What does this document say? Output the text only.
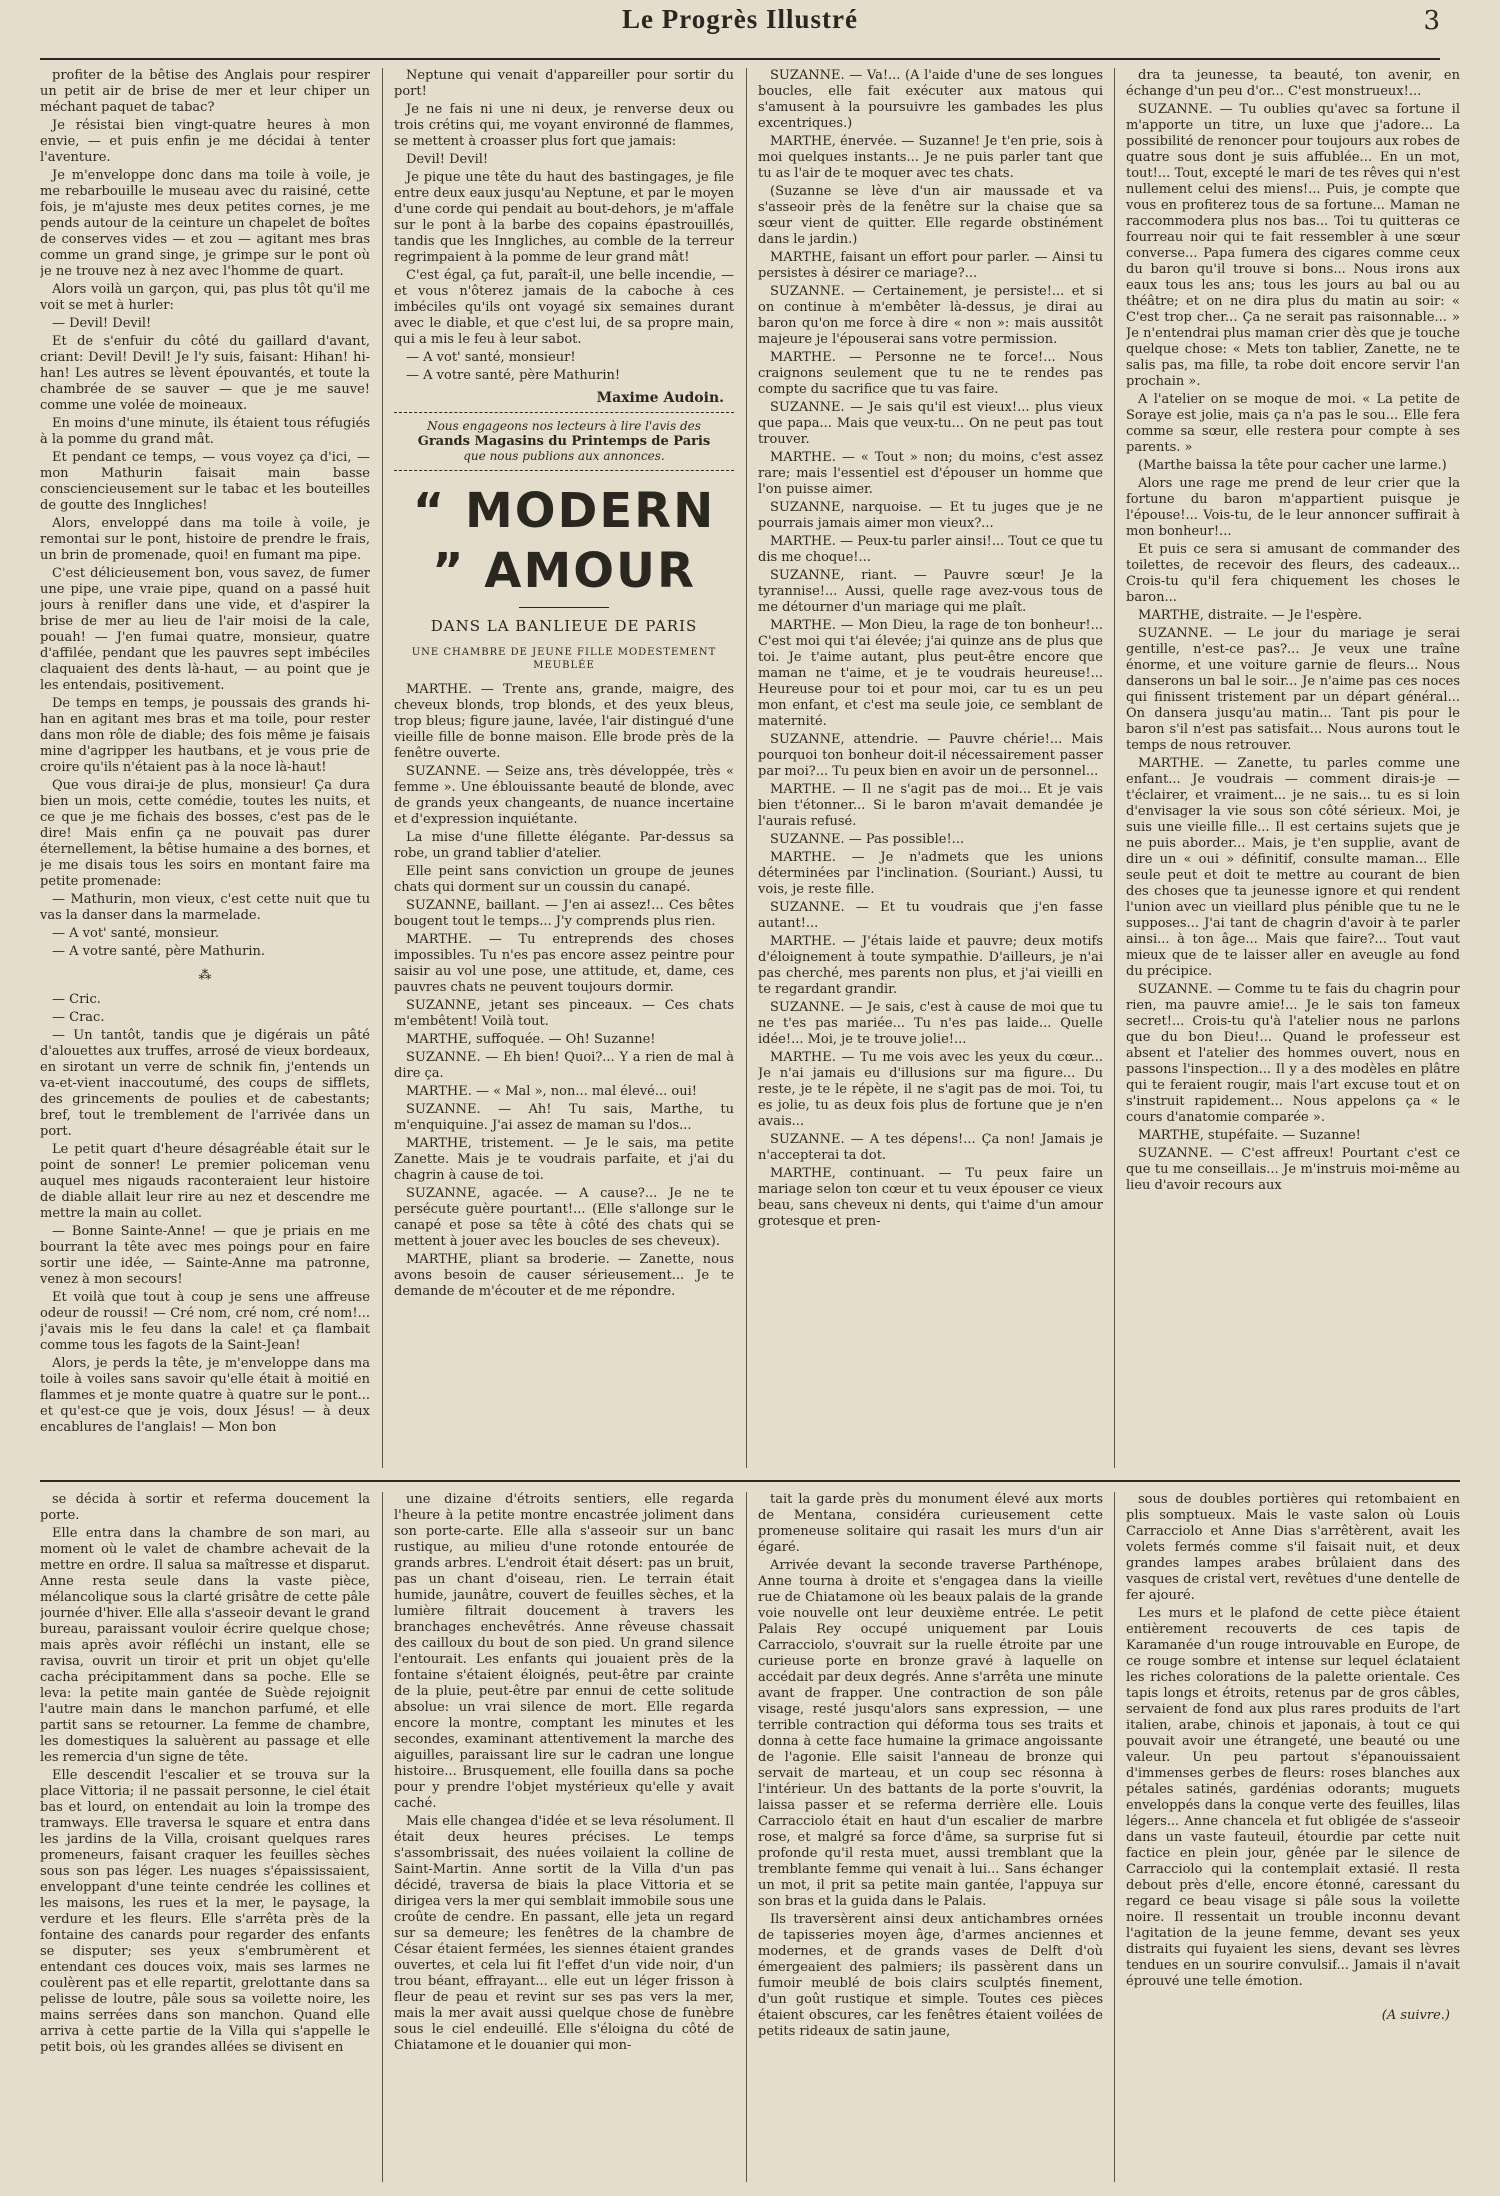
Le Progrès Illustré	3

profiter de la bêtise des Anglais pour respirer un petit air de brise de mer et leur chiper un méchant paquet de tabac?

Je résistai bien vingt-quatre heures à mon envie, — et puis enfin je me décidai à tenter l'aventure.

Je m'enveloppe donc dans ma toile à voile, je me rebarbouille le museau avec du raisiné, cette fois, je m'ajuste mes deux petites cornes, je me pends autour de la ceinture un chapelet de boîtes de conserves vides — et zou — agitant mes bras comme un grand singe, je grimpe sur le pont où je ne trouve nez à nez avec l'homme de quart.

Alors voilà un garçon, qui, pas plus tôt qu'il me voit se met à hurler:

— Devil! Devil!

Et de s'enfuir du côté du gaillard d'avant, criant: Devil! Devil! Je l'y suis, faisant: Hihan! hi-han! Les autres se lèvent épouvantés, et toute la chambrée de se sauver — que je me sauve! comme une volée de moineaux.

En moins d'une minute, ils étaient tous réfugiés à la pomme du grand mât.

Et pendant ce temps, — vous voyez ça d'ici, — mon Mathurin faisait main basse consciencieusement sur le tabac et les bouteilles de goutte des Inngliches!

Alors, enveloppé dans ma toile à voile, je remontai sur le pont, histoire de prendre le frais, un brin de promenade, quoi! en fumant ma pipe.

C'est délicieusement bon, vous savez, de fumer une pipe, une vraie pipe, quand on a passé huit jours à renifler dans une vide, et d'aspirer la brise de mer au lieu de l'air moisi de la cale, pouah! — J'en fumai quatre, monsieur, quatre d'affilée, pendant que les pauvres sept imbéciles claquaient des dents là-haut, — au point que je les entendais, positivement.

De temps en temps, je poussais des grands hi-han en agitant mes bras et ma toile, pour rester dans mon rôle de diable; des fois même je faisais mine d'agripper les hautbans, et je vous prie de croire qu'ils n'étaient pas à la noce là-haut!

Que vous dirai-je de plus, monsieur! Ça dura bien un mois, cette comédie, toutes les nuits, et ce que je me fichais des bosses, c'est pas de le dire! Mais enfin ça ne pouvait pas durer éternellement, la bêtise humaine a des bornes, et je me disais tous les soirs en montant faire ma petite promenade:

— Mathurin, mon vieux, c'est cette nuit que tu vas la danser dans la marmelade.

— A vot' santé, monsieur.

— A votre santé, père Mathurin.

⁂

— Cric.

— Crac.

— Un tantôt, tandis que je digérais un pâté d'alouettes aux truffes, arrosé de vieux bordeaux, en sirotant un verre de schnik fin, j'entends un va-et-vient inaccoutumé, des coups de sifflets, des grincements de poulies et de cabestants; bref, tout le tremblement de l'arrivée dans un port.

Le petit quart d'heure désagréable était sur le point de sonner! Le premier policeman venu auquel mes nigauds raconteraient leur histoire de diable allait leur rire au nez et descendre me mettre la main au collet.

— Bonne Sainte-Anne! — que je priais en me bourrant la tête avec mes poings pour en faire sortir une idée, — Sainte-Anne ma patronne, venez à mon secours!

Et voilà que tout à coup je sens une affreuse odeur de roussi! — Cré nom, cré nom, cré nom!... j'avais mis le feu dans la cale! et ça flambait comme tous les fagots de la Saint-Jean!

Alors, je perds la tête, je m'enveloppe dans ma toile à voiles sans savoir qu'elle était à moitié en flammes et je monte quatre à quatre sur le pont... et qu'est-ce que je vois, doux Jésus! — à deux encablures de l'anglais! — Mon bon

Neptune qui venait d'appareiller pour sortir du port!

Je ne fais ni une ni deux, je renverse deux ou trois crétins qui, me voyant environné de flammes, se mettent à croasser plus fort que jamais:

Devil! Devil!

Je pique une tête du haut des bastingages, je file entre deux eaux jusqu'au Neptune, et par le moyen d'une corde qui pendait au bout-dehors, je m'affale sur le pont à la barbe des copains épastrouillés, tandis que les Inngliches, au comble de la terreur regrimpaient à la pomme de leur grand mât!

C'est égal, ça fut, paraît-il, une belle incendie, — et vous n'ôterez jamais de la caboche à ces imbéciles qu'ils ont voyagé six semaines durant avec le diable, et que c'est lui, de sa propre main, qui a mis le feu à leur sabot.

— A vot' santé, monsieur!

— A votre santé, père Mathurin!

Maxime Audoin.
Nous engageons nos lecteurs à lire l'avis des
Grands Magasins du Printemps de Paris
que nous publions aux annonces.
“ MODERN ” AMOUR
DANS LA BANLIEUE DE PARIS
UNE CHAMBRE DE JEUNE FILLE MODESTEMENT MEUBLÉE

MARTHE. — Trente ans, grande, maigre, des cheveux blonds, trop blonds, et des yeux bleus, trop bleus; figure jaune, lavée, l'air distingué d'une vieille fille de bonne maison. Elle brode près de la fenêtre ouverte.

SUZANNE. — Seize ans, très développée, très « femme ». Une éblouissante beauté de blonde, avec de grands yeux changeants, de nuance incertaine et d'expression inquiétante.

La mise d'une fillette élégante. Par-dessus sa robe, un grand tablier d'atelier.

Elle peint sans conviction un groupe de jeunes chats qui dorment sur un coussin du canapé.

SUZANNE, baillant. — J'en ai assez!... Ces bêtes bougent tout le temps... J'y comprends plus rien.

MARTHE. — Tu entreprends des choses impossibles. Tu n'es pas encore assez peintre pour saisir au vol une pose, une attitude, et, dame, ces pauvres chats ne peuvent toujours dormir.

SUZANNE, jetant ses pinceaux. — Ces chats m'embêtent! Voilà tout.

MARTHE, suffoquée. — Oh! Suzanne!

SUZANNE. — Eh bien! Quoi?... Y a rien de mal à dire ça.

MARTHE. — « Mal », non... mal élevé... oui!

SUZANNE. — Ah! Tu sais, Marthe, tu m'enquiquine. J'ai assez de maman su l'dos...

MARTHE, tristement. — Je le sais, ma petite Zanette. Mais je te voudrais parfaite, et j'ai du chagrin à cause de toi.

SUZANNE, agacée. — A cause?... Je ne te persécute guère pourtant!... (Elle s'allonge sur le canapé et pose sa tête à côté des chats qui se mettent à jouer avec les boucles de ses cheveux).

MARTHE, pliant sa broderie. — Zanette, nous avons besoin de causer sérieusement... Je te demande de m'écouter et de me répondre.

SUZANNE. — Va!... (A l'aide d'une de ses longues boucles, elle fait exécuter aux matous qui s'amusent à la poursuivre les gambades les plus excentriques.)

MARTHE, énervée. — Suzanne! Je t'en prie, sois à moi quelques instants... Je ne puis parler tant que tu as l'air de te moquer avec tes chats.

(Suzanne se lève d'un air maussade et va s'asseoir près de la fenêtre sur la chaise que sa sœur vient de quitter. Elle regarde obstinément dans le jardin.)

MARTHE, faisant un effort pour parler. — Ainsi tu persistes à désirer ce mariage?...

SUZANNE. — Certainement, je persiste!... et si on continue à m'embêter là-dessus, je dirai au baron qu'on me force à dire « non »: mais aussitôt majeure je l'épouserai sans votre permission.

MARTHE. — Personne ne te force!... Nous craignons seulement que tu ne te rendes pas compte du sacrifice que tu vas faire.

SUZANNE. — Je sais qu'il est vieux!... plus vieux que papa... Mais que veux-tu... On ne peut pas tout trouver.

MARTHE. — « Tout » non; du moins, c'est assez rare; mais l'essentiel est d'épouser un homme que l'on puisse aimer.

SUZANNE, narquoise. — Et tu juges que je ne pourrais jamais aimer mon vieux?...

MARTHE. — Peux-tu parler ainsi!... Tout ce que tu dis me choque!...

SUZANNE, riant. — Pauvre sœur! Je la tyrannise!... Aussi, quelle rage avez-vous tous de me détourner d'un mariage qui me plaît.

MARTHE. — Mon Dieu, la rage de ton bonheur!... C'est moi qui t'ai élevée; j'ai quinze ans de plus que toi. Je t'aime autant, plus peut-être encore que maman ne t'aime, et je te voudrais heureuse!... Heureuse pour toi et pour moi, car tu es un peu mon enfant, et c'est ma seule joie, ce semblant de maternité.

SUZANNE, attendrie. — Pauvre chérie!... Mais pourquoi ton bonheur doit-il nécessairement passer par moi?... Tu peux bien en avoir un de personnel...

MARTHE. — Il ne s'agit pas de moi... Et je vais bien t'étonner... Si le baron m'avait demandée je l'aurais refusé.

SUZANNE. — Pas possible!...

MARTHE. — Je n'admets que les unions déterminées par l'inclination. (Souriant.) Aussi, tu vois, je reste fille.

SUZANNE. — Et tu voudrais que j'en fasse autant!...

MARTHE. — J'étais laide et pauvre; deux motifs d'éloignement à toute sympathie. D'ailleurs, je n'ai pas cherché, mes parents non plus, et j'ai vieilli en te regardant grandir.

SUZANNE. — Je sais, c'est à cause de moi que tu ne t'es pas mariée... Tu n'es pas laide... Quelle idée!... Moi, je te trouve jolie!...

MARTHE. — Tu me vois avec les yeux du cœur... Je n'ai jamais eu d'illusions sur ma figure... Du reste, je te le répète, il ne s'agit pas de moi. Toi, tu es jolie, tu as deux fois plus de fortune que je n'en avais...

SUZANNE. — A tes dépens!... Ça non! Jamais je n'accepterai ta dot.

MARTHE, continuant. — Tu peux faire un mariage selon ton cœur et tu veux épouser ce vieux beau, sans cheveux ni dents, qui t'aime d'un amour grotesque et pren-

dra ta jeunesse, ta beauté, ton avenir, en échange d'un peu d'or... C'est monstrueux!...

SUZANNE. — Tu oublies qu'avec sa fortune il m'apporte un titre, un luxe que j'adore... La possibilité de renoncer pour toujours aux robes de quatre sous dont je suis affublée... En un mot, tout!... Tout, excepté le mari de tes rêves qui n'est nullement celui des miens!... Puis, je compte que vous en profiterez tous de sa fortune... Maman ne raccommodera plus nos bas... Toi tu quitteras ce fourreau noir qui te fait ressembler à une sœur converse... Papa fumera des cigares comme ceux du baron qu'il trouve si bons... Nous irons aux eaux tous les ans; tous les jours au bal ou au théâtre; et on ne dira plus du matin au soir: « C'est trop cher... Ça ne serait pas raisonnable... » Je n'entendrai plus maman crier dès que je touche quelque chose: « Mets ton tablier, Zanette, ne te salis pas, ma fille, ta robe doit encore servir l'an prochain ».

A l'atelier on se moque de moi. « La petite de Soraye est jolie, mais ça n'a pas le sou... Elle fera comme sa sœur, elle restera pour compte à ses parents. »

(Marthe baissa la tête pour cacher une larme.)

Alors une rage me prend de leur crier que la fortune du baron m'appartient puisque je l'épouse!... Vois-tu, de le leur annoncer suffirait à mon bonheur!...

Et puis ce sera si amusant de commander des toilettes, de recevoir des fleurs, des cadeaux... Crois-tu qu'il fera chiquement les choses le baron...

MARTHE, distraite. — Je l'espère.

SUZANNE. — Le jour du mariage je serai gentille, n'est-ce pas?... Je veux une traîne énorme, et une voiture garnie de fleurs... Nous danserons un bal le soir... Je n'aime pas ces noces qui finissent tristement par un départ général... On dansera jusqu'au matin... Tant pis pour le baron s'il n'est pas satisfait... Nous aurons tout le temps de nous retrouver.

MARTHE. — Zanette, tu parles comme une enfant... Je voudrais — comment dirais-je — t'éclairer, et vraiment... je ne sais... tu es si loin d'envisager la vie sous son côté sérieux. Moi, je suis une vieille fille... Il est certains sujets que je ne puis aborder... Mais, je t'en supplie, avant de dire un « oui » définitif, consulte maman... Elle seule peut et doit te mettre au courant de bien des choses que ta jeunesse ignore et qui rendent l'union avec un vieillard plus pénible que tu ne le supposes... J'ai tant de chagrin d'avoir à te parler ainsi... à ton âge... Mais que faire?... Tout vaut mieux que de te laisser aller en aveugle au fond du précipice.

SUZANNE. — Comme tu te fais du chagrin pour rien, ma pauvre amie!... Je le sais ton fameux secret!... Crois-tu qu'à l'atelier nous ne parlons que du bon Dieu!... Quand le professeur est absent et l'atelier des hommes ouvert, nous en passons l'inspection... Il y a des modèles en plâtre qui te feraient rougir, mais l'art excuse tout et on s'instruit rapidement... Nous appelons ça « le cours d'anatomie comparée ».

MARTHE, stupéfaite. — Suzanne!

SUZANNE. — C'est affreux! Pourtant c'est ce que tu me conseillais... Je m'instruis moi-même au lieu d'avoir recours aux

se décida à sortir et referma doucement la porte.

Elle entra dans la chambre de son mari, au moment où le valet de chambre achevait de la mettre en ordre. Il salua sa maîtresse et disparut. Anne resta seule dans la vaste pièce, mélancolique sous la clarté grisâtre de cette pâle journée d'hiver. Elle alla s'asseoir devant le grand bureau, paraissant vouloir écrire quelque chose; mais après avoir réfléchi un instant, elle se ravisa, ouvrit un tiroir et prit un objet qu'elle cacha précipitamment dans sa poche. Elle se leva: la petite main gantée de Suède rejoignit l'autre main dans le manchon parfumé, et elle partit sans se retourner. La femme de chambre, les domestiques la saluèrent au passage et elle les remercia d'un signe de tête.

Elle descendit l'escalier et se trouva sur la place Vittoria; il ne passait personne, le ciel était bas et lourd, on entendait au loin la trompe des tramways. Elle traversa le square et entra dans les jardins de la Villa, croisant quelques rares promeneurs, faisant craquer les feuilles sèches sous son pas léger. Les nuages s'épaississaient, enveloppant d'une teinte cendrée les collines et les maisons, les rues et la mer, le paysage, la verdure et les fleurs. Elle s'arrêta près de la fontaine des canards pour regarder des enfants se disputer; ses yeux s'embrumèrent et entendant ces douces voix, mais ses larmes ne coulèrent pas et elle repartit, grelottante dans sa pelisse de loutre, pâle sous sa voilette noire, les mains serrées dans son manchon. Quand elle arriva à cette partie de la Villa qui s'appelle le petit bois, où les grandes allées se divisent en

une dizaine d'étroits sentiers, elle regarda l'heure à la petite montre encastrée joliment dans son porte-carte. Elle alla s'asseoir sur un banc rustique, au milieu d'une rotonde entourée de grands arbres. L'endroit était désert: pas un bruit, pas un chant d'oiseau, rien. Le terrain était humide, jaunâtre, couvert de feuilles sèches, et la lumière filtrait doucement à travers les branchages enchevêtrés. Anne rêveuse chassait des cailloux du bout de son pied. Un grand silence l'entourait. Les enfants qui jouaient près de la fontaine s'étaient éloignés, peut-être par crainte de la pluie, peut-être par ennui de cette solitude absolue: un vrai silence de mort. Elle regarda encore la montre, comptant les minutes et les secondes, examinant attentivement la marche des aiguilles, paraissant lire sur le cadran une longue histoire... Brusquement, elle fouilla dans sa poche pour y prendre l'objet mystérieux qu'elle y avait caché.

Mais elle changea d'idée et se leva résolument. Il était deux heures précises. Le temps s'assombrissait, des nuées voilaient la colline de Saint-Martin. Anne sortit de la Villa d'un pas décidé, traversa de biais la place Vittoria et se dirigea vers la mer qui semblait immobile sous une croûte de cendre. En passant, elle jeta un regard sur sa demeure; les fenêtres de la chambre de César étaient fermées, les siennes étaient grandes ouvertes, et cela lui fit l'effet d'un vide noir, d'un trou béant, effrayant... elle eut un léger frisson à fleur de peau et revint sur ses pas vers la mer, mais la mer avait aussi quelque chose de funèbre sous le ciel endeuillé. Elle s'éloigna du côté de Chiatamone et le douanier qui mon-

tait la garde près du monument élevé aux morts de Mentana, considéra curieusement cette promeneuse solitaire qui rasait les murs d'un air égaré.

Arrivée devant la seconde traverse Parthénope, Anne tourna à droite et s'engagea dans la vieille rue de Chiatamone où les beaux palais de la grande voie nouvelle ont leur deuxième entrée. Le petit Palais Rey occupé uniquement par Louis Carracciolo, s'ouvrait sur la ruelle étroite par une curieuse porte en bronze gravé à laquelle on accédait par deux degrés. Anne s'arrêta une minute avant de frapper. Une contraction de son pâle visage, resté jusqu'alors sans expression, — une terrible contraction qui déforma tous ses traits et donna à cette face humaine la grimace angoissante de l'agonie. Elle saisit l'anneau de bronze qui servait de marteau, et un coup sec résonna à l'intérieur. Un des battants de la porte s'ouvrit, la laissa passer et se referma derrière elle. Louis Carracciolo était en haut d'un escalier de marbre rose, et malgré sa force d'âme, sa surprise fut si profonde qu'il resta muet, aussi tremblant que la tremblante femme qui venait à lui... Sans échanger un mot, il prit sa petite main gantée, l'appuya sur son bras et la guida dans le Palais.

Ils traversèrent ainsi deux antichambres ornées de tapisseries moyen âge, d'armes anciennes et modernes, et de grands vases de Delft d'où émergeaient des palmiers; ils passèrent dans un fumoir meublé de bois clairs sculptés finement, d'un goût rustique et simple. Toutes ces pièces étaient obscures, car les fenêtres étaient voilées de petits rideaux de satin jaune,

sous de doubles portières qui retombaient en plis somptueux. Mais le vaste salon où Louis Carracciolo et Anne Dias s'arrêtèrent, avait les volets fermés comme s'il faisait nuit, et deux grandes lampes arabes brûlaient dans des vasques de cristal vert, revêtues d'une dentelle de fer ajouré.

Les murs et le plafond de cette pièce étaient entièrement recouverts de ces tapis de Karamanée d'un rouge introuvable en Europe, de ce rouge sombre et intense sur lequel éclataient les riches colorations de la palette orientale. Ces tapis longs et étroits, retenus par de gros câbles, servaient de fond aux plus rares produits de l'art italien, arabe, chinois et japonais, à tout ce qui pouvait avoir une étrangeté, une beauté ou une valeur. Un peu partout s'épanouissaient d'immenses gerbes de fleurs: roses blanches aux pétales satinés, gardénias odorants; muguets enveloppés dans la conque verte des feuilles, lilas légers... Anne chancela et fut obligée de s'asseoir dans un vaste fauteuil, étourdie par cette nuit factice en plein jour, gênée par le silence de Carracciolo qui la contemplait extasié. Il resta debout près d'elle, encore étonné, caressant du regard ce beau visage si pâle sous la voilette noire. Il ressentait un trouble inconnu devant l'agitation de la jeune femme, devant ses yeux distraits qui fuyaient les siens, devant ses lèvres tendues en un sourire convulsif... Jamais il n'avait éprouvé une telle émotion.

(A suivre.)
